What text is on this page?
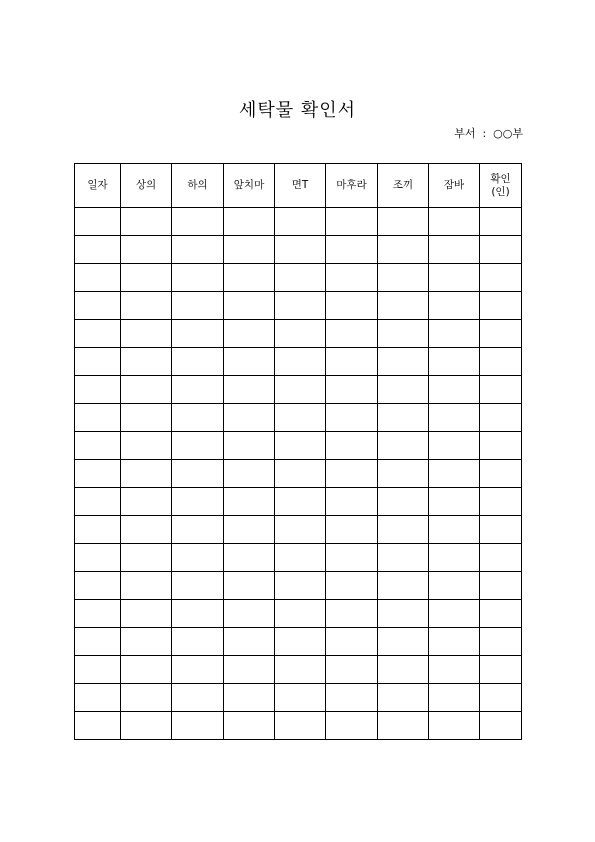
세탁물 확인서
부서  :  ○○부
일자	상의	하의	앞치마	면T	마후라	조끼	잠바	확인
(인)
